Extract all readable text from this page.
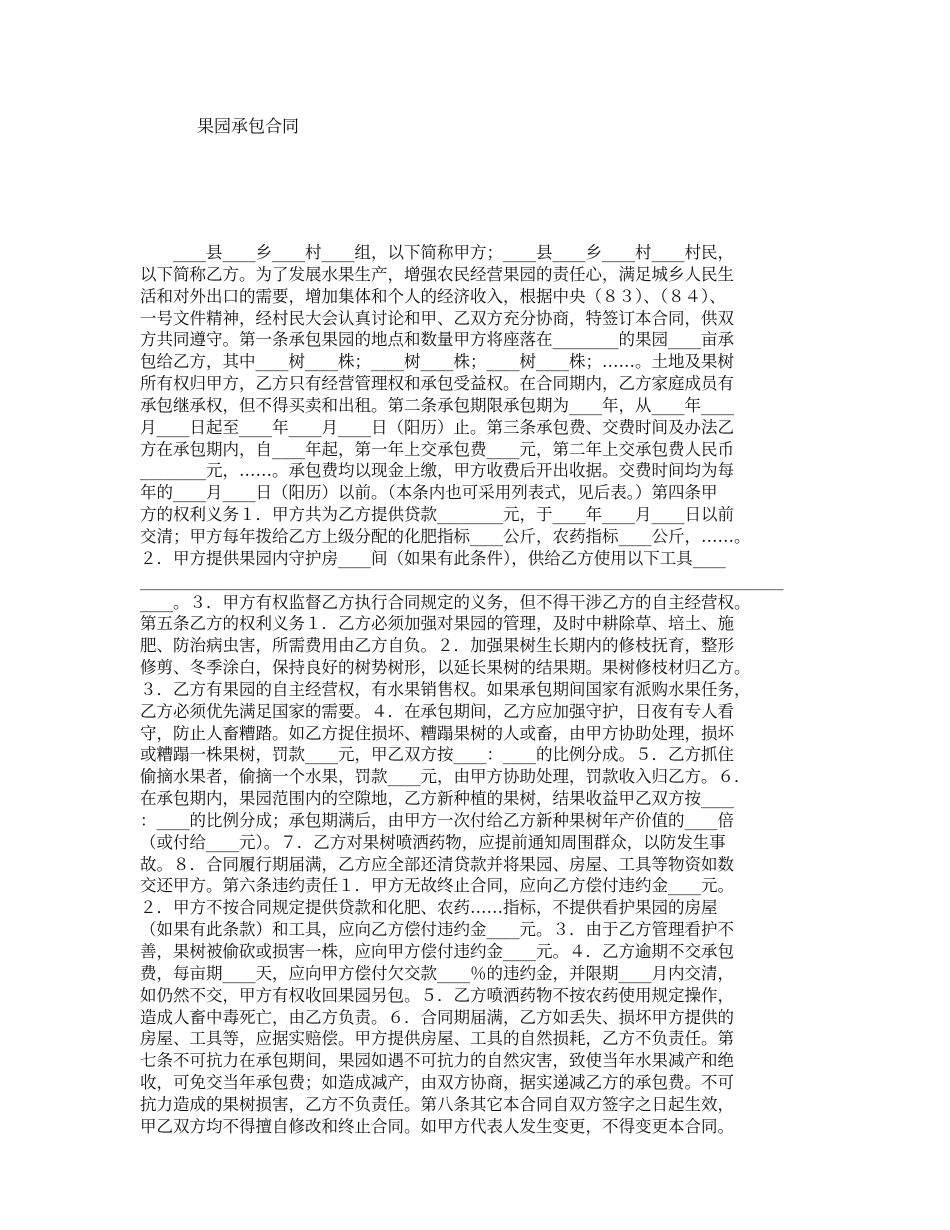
果园承包合同
　　____县____乡____村____组，以下简称甲方；____县____乡____村____村民，
以下简称乙方。为了发展水果生产，增强农民经营果园的责任心，满足城乡人民生
活和对外出口的需要，增加集体和个人的经济收入，根据中央（８３）、（８４）、
一号文件精神，经村民大会认真讨论和甲、乙双方充分协商，特签订本合同，供双
方共同遵守。第一条承包果园的地点和数量甲方将座落在________的果园____亩承
包给乙方，其中____树____株；____树____株；____树____株；……。土地及果树
所有权归甲方，乙方只有经营管理权和承包受益权。在合同期内，乙方家庭成员有
承包继承权，但不得买卖和出租。第二条承包期限承包期为____年，从____年____
月____日起至____年____月____日（阳历）止。第三条承包费、交费时间及办法乙
方在承包期内，自____年起，第一年上交承包费____元，第二年上交承包费人民币
________元，……。承包费均以现金上缴，甲方收费后开出收据。交费时间均为每
年的____月____日（阳历）以前。（本条内也可采用列表式，见后表。）第四条甲
方的权利义务１．甲方共为乙方提供贷款________元，于____年____月____日以前
交清；甲方每年拨给乙方上级分配的化肥指标____公斤，农药指标____公斤，……。
２．甲方提供果园内守护房____间（如果有此条件），供给乙方使用以下工具____
______________________________________________________________________________
____。３．甲方有权监督乙方执行合同规定的义务，但不得干涉乙方的自主经营权。
第五条乙方的权利义务１．乙方必须加强对果园的管理，及时中耕除草、培土、施
肥、防治病虫害，所需费用由乙方自负。２．加强果树生长期内的修枝抚育，整形
修剪、冬季涂白，保持良好的树势树形，以延长果树的结果期。果树修枝材归乙方。
３．乙方有果园的自主经营权，有水果销售权。如果承包期间国家有派购水果任务，
乙方必须优先满足国家的需要。４．在承包期间，乙方应加强守护，日夜有专人看
守，防止人畜糟踏。如乙方捉住损坏、糟蹋果树的人或畜，由甲方协助处理，损坏
或糟蹋一株果树，罚款____元，甲乙双方按____：____的比例分成。５．乙方抓住
偷摘水果者，偷摘一个水果，罚款____元，由甲方协助处理，罚款收入归乙方。６．
在承包期内，果园范围内的空隙地，乙方新种植的果树，结果收益甲乙双方按____
：____的比例分成；承包期满后，由甲方一次付给乙方新种果树年产价值的____倍
（或付给____元）。７．乙方对果树喷洒药物，应提前通知周围群众，以防发生事
故。８．合同履行期届满，乙方应全部还清贷款并将果园、房屋、工具等物资如数
交还甲方。第六条违约责任１．甲方无故终止合同，应向乙方偿付违约金____元。
２．甲方不按合同规定提供贷款和化肥、农药……指标，不提供看护果园的房屋
（如果有此条款）和工具，应向乙方偿付违约金____元。３．由于乙方管理看护不
善，果树被偷砍或损害一株，应向甲方偿付违约金____元。４．乙方逾期不交承包
费，每亩期____天，应向甲方偿付欠交款____％的违约金，并限期____月内交清，
如仍然不交，甲方有权收回果园另包。５．乙方喷洒药物不按农药使用规定操作，
造成人畜中毒死亡，由乙方负责。６．合同期届满，乙方如丢失、损坏甲方提供的
房屋、工具等，应据实赔偿。甲方提供房屋、工具的自然损耗，乙方不负责任。第
七条不可抗力在承包期间，果园如遇不可抗力的自然灾害，致使当年水果减产和绝
收，可免交当年承包费；如造成减产，由双方协商，据实递减乙方的承包费。不可
抗力造成的果树损害，乙方不负责任。第八条其它本合同自双方签字之日起生效，
甲乙双方均不得擅自修改和终止合同。如甲方代表人发生变更，不得变更本合同。
